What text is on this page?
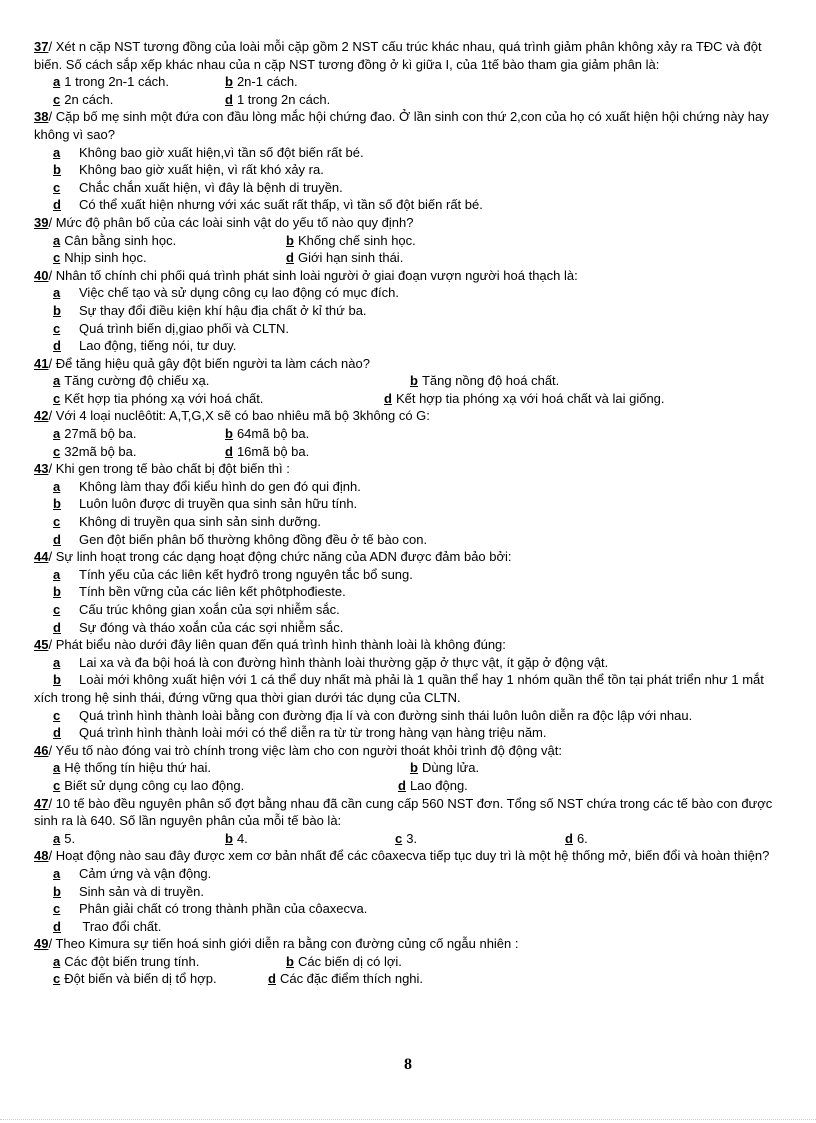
37/ Xét n cặp NST tương đồng của loài mỗi cặp gồm 2 NST cấu trúc khác nhau, quá trình giảm phân không xảy ra TĐC và đột biến. Số cách sắp xếp khác nhau của n cặp NST tương đồng ở kì giữa I, của 1tế bào tham gia giảm phân là:
a 1 trong 2n-1 cách.	b 2n-1 cách.
c 2n cách.	d 1 trong 2n cách.
38/ Cặp bố mẹ sinh một đứa con đầu lòng mắc hội chứng đao. Ở lần sinh con thứ 2,con của họ có xuất hiện hội chứng này hay không vì sao?
a Không bao giờ xuất hiện,vì tần số đột biến rất bé.
b Không bao giờ xuất hiện, vì rất khó xảy ra.
c Chắc chắn xuất hiện, vì đây là bệnh di truyền.
d Có thể xuất hiện nhưng với xác suất rất thấp, vì tần số đột biến rất bé.
39/ Mức độ phân bố của các loài sinh vật do yếu tố nào quy định?
a Cân bằng sinh học.	b Khống chế sinh học.
c Nhịp sinh học.	d Giới hạn sinh thái.
40/ Nhân tố chính chi phối quá trình phát sinh loài người ở giai đoạn vượn người hoá thạch là:
a Việc chế tạo và sử dụng công cụ lao động có mục đích.
b Sự thay đổi điều kiện khí hậu địa chất ở kỉ thứ ba.
c Quá trình biến dị,giao phối và CLTN.
d Lao động, tiếng nói, tư duy.
41/ Để tăng hiệu quả gây đột biến người ta làm cách nào?
a Tăng cường độ chiếu xạ.	b Tăng nồng độ hoá chất.
c Kết hợp tia phóng xạ với hoá chất.	d Kết hợp tia phóng xạ với hoá chất và lai giống.
42/ Với 4 loại nuclêôtit: A,T,G,X sẽ có bao nhiêu mã bộ 3không có G:
a 27mã bộ ba.	b 64mã bộ ba.
c 32mã bộ ba.	d 16mã bộ ba.
43/ Khi gen trong tế bào chất bị đột biến thì :
a Không làm thay đổi kiểu hình do gen đó qui định.
b Luôn luôn được di truyền qua sinh sản hữu tính.
c Không di truyền qua sinh sản sinh dưỡng.
d Gen đột biến phân bố thường không đồng đều ở tế bào con.
44/ Sự linh hoạt trong các dạng hoạt động chức năng của ADN được đảm bảo bởi:
a Tính yếu của các liên kết hyđrô trong nguyên tắc bổ sung.
b Tính bền vững của các liên kết phôtphođieste.
c Cấu trúc không gian xoắn của sợi nhiễm sắc.
d Sự đóng và tháo xoắn của các sợi nhiễm sắc.
45/ Phát biểu nào dưới đây liên quan đến quá trình hình thành loài là không đúng:
a Lai xa và đa bội hoá là con đường hình thành loài thường gặp ở thực vật, ít gặp ở động vật.
b Loài mới không xuất hiện với 1 cá thể duy nhất mà phải là 1 quần thể hay 1 nhóm quần thể tồn tại phát triển như 1 mắt xích trong hệ sinh thái, đứng vững qua thời gian dưới tác dụng của CLTN.
c Quá trình hình thành loài bằng con đường địa lí và con đường sinh thái luôn luôn diễn ra độc lập với nhau.
d Quá trình hình thành loài mới có thể diễn ra từ từ trong hàng vạn hàng triệu năm.
46/ Yếu tố nào đóng vai trò chính trong việc làm cho con người thoát khỏi trình độ động vật:
a Hệ thống tín hiệu thứ hai.	b Dùng lửa.
c Biết sử dụng công cụ lao động.	d Lao động.
47/ 10 tế bào đều nguyên phân số đợt bằng nhau đã cần cung cấp 560 NST đơn. Tổng số NST chứa trong các tế bào con được sinh ra là 640. Số lần nguyên phân của mỗi tế bào là:
a 5.	b 4.	c 3.	d 6.
48/ Hoạt động nào sau đây được xem cơ bản nhất để các côaxecva tiếp tục duy trì là một hệ thống mở, biến đổi và hoàn thiện?
a Cảm ứng và vận động.
b Sinh sản và di truyền.
c Phân giải chất có trong thành phần của côaxecva.
d Trao đổi chất.
49/ Theo Kimura sự tiến hoá sinh giới diễn ra bằng con đường củng cố ngẫu nhiên :
a Các đột biến trung tính.	b Các biến dị có lợi.
c Đột biến và biến dị tổ hợp.	d Các đặc điểm thích nghi.
8
